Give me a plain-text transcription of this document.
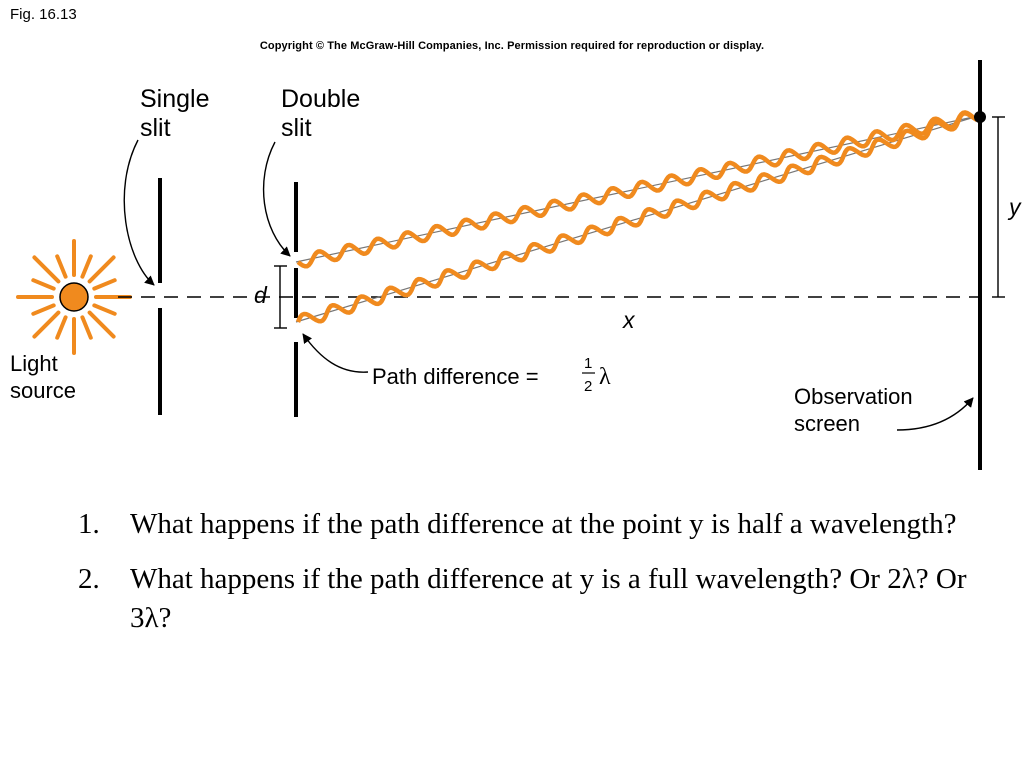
Fig. 16.13
Copyright © The McGraw-Hill Companies, Inc. Permission required for reproduction or display.
d
x
y
Path difference =
1
2 λ
Single
slit
Double
slit
Light
source	Observation
screen
1.	What happens if the path difference at the point y is half a wavelength?
2.	What happens if the path difference at y is a full wavelength? Or 2λ? Or 3λ?
